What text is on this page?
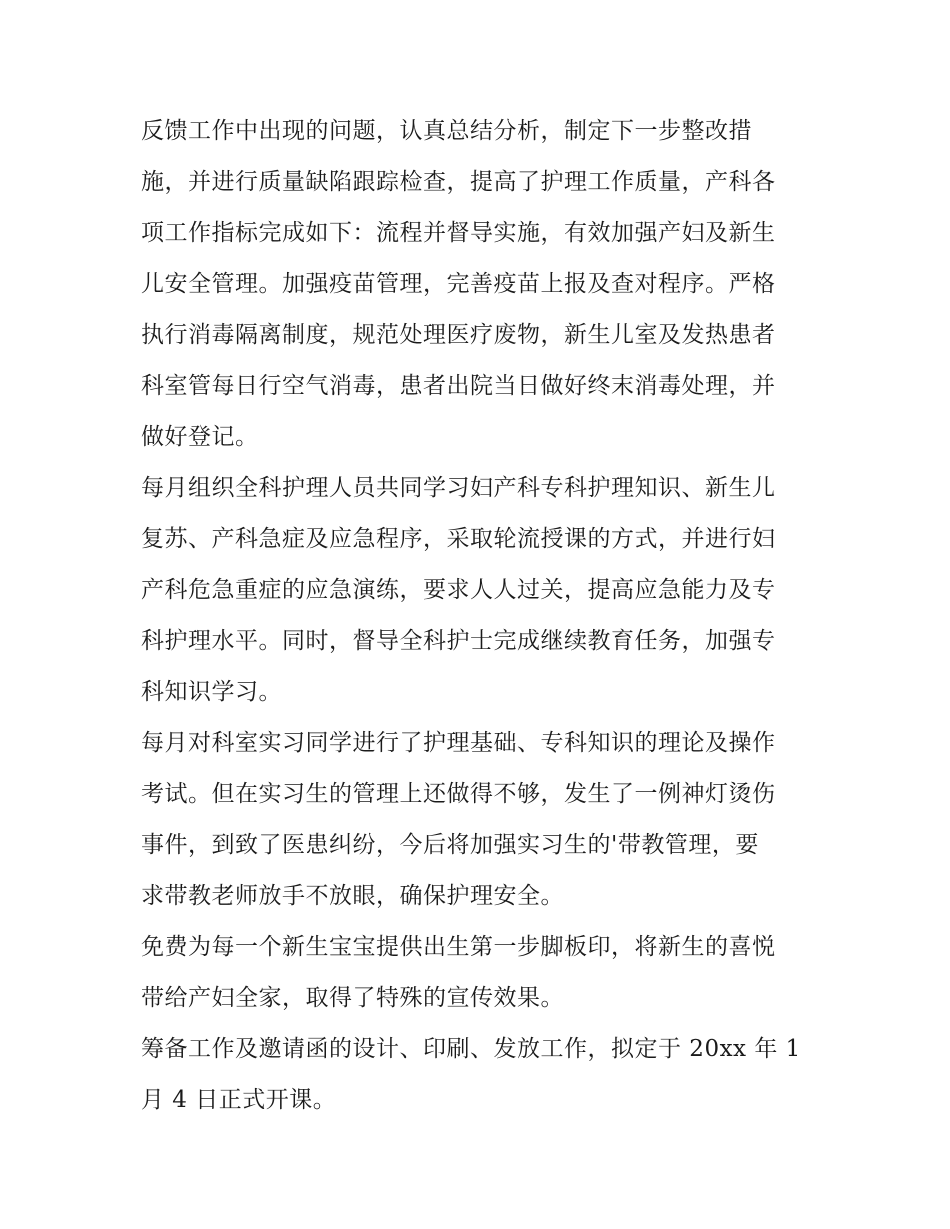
反馈工作中出现的问题，认真总结分析，制定下一步整改措
施，并进行质量缺陷跟踪检查，提高了护理工作质量，产科各
项工作指标完成如下：流程并督导实施，有效加强产妇及新生
儿安全管理。加强疫苗管理，完善疫苗上报及查对程序。严格
执行消毒隔离制度，规范处理医疗废物，新生儿室及发热患者
科室管每日行空气消毒，患者出院当日做好终末消毒处理，并
做好登记。
每月组织全科护理人员共同学习妇产科专科护理知识、新生儿
复苏、产科急症及应急程序，采取轮流授课的方式，并进行妇
产科危急重症的应急演练，要求人人过关，提高应急能力及专
科护理水平。同时，督导全科护士完成继续教育任务，加强专
科知识学习。
每月对科室实习同学进行了护理基础、专科知识的理论及操作
考试。但在实习生的管理上还做得不够，发生了一例神灯烫伤
事件，到致了医患纠纷，今后将加强实习生的'带教管理，要
求带教老师放手不放眼，确保护理安全。
免费为每一个新生宝宝提供出生第一步脚板印，将新生的喜悦
带给产妇全家，取得了特殊的宣传效果。
筹备工作及邀请函的设计、印刷、发放工作，拟定于 20xx 年 1
月 4 日正式开课。
